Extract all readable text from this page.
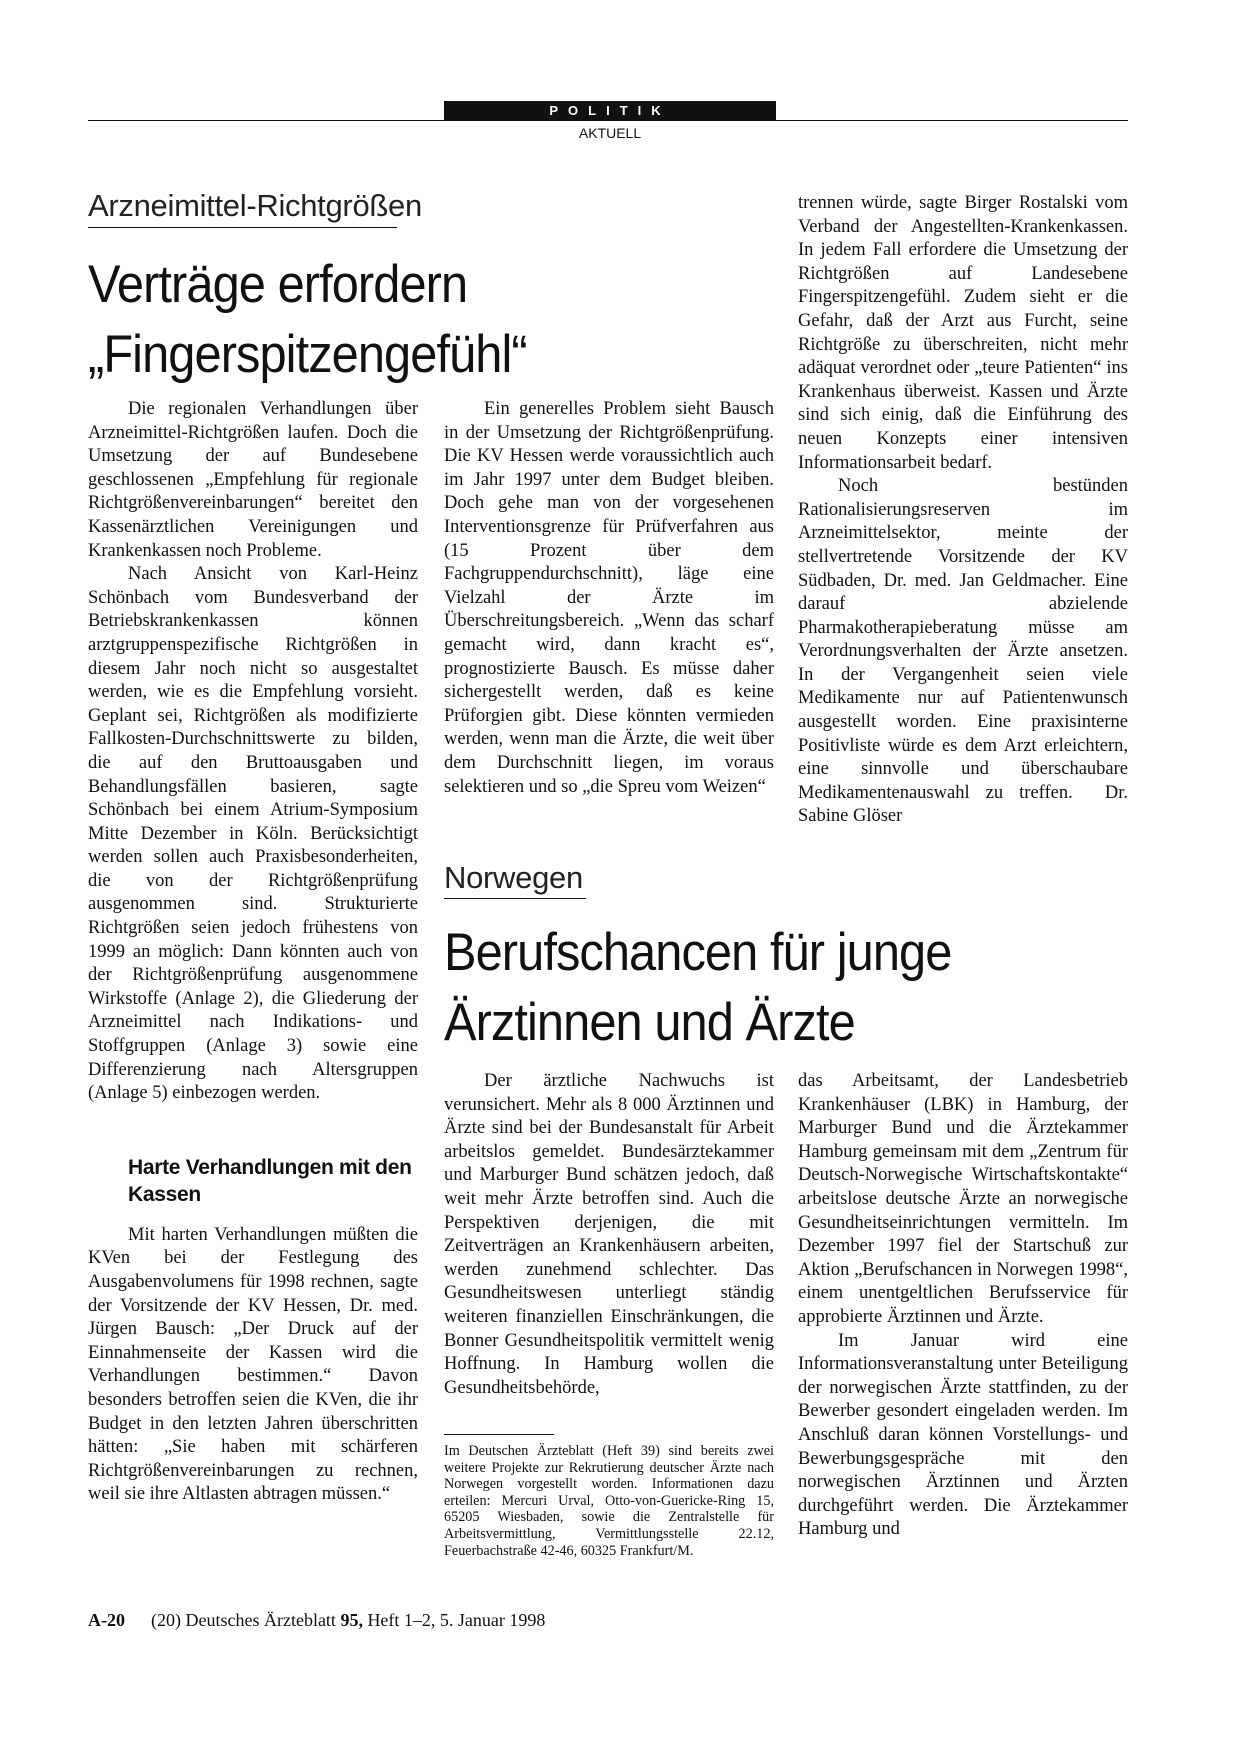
POLITIK
AKTUELL
Arzneimittel-Richtgrößen
Verträge erfordern
„Fingerspitzengefühl“

Die regionalen Verhandlungen über Arzneimittel-Richtgrößen laufen. Doch die Umsetzung der auf Bundesebene geschlossenen „Empfehlung für regionale Richtgrößenvereinbarungen“ bereitet den Kassenärztlichen Vereinigungen und Krankenkassen noch Probleme.

Nach Ansicht von Karl-Heinz Schönbach vom Bundesverband der Betriebskrankenkassen können arztgruppenspezifische Richtgrößen in diesem Jahr noch nicht so ausgestaltet werden, wie es die Empfehlung vorsieht. Geplant sei, Richtgrößen als modifizierte Fallkosten-Durchschnittswerte zu bilden, die auf den Bruttoausgaben und Behandlungsfällen basieren, sagte Schönbach bei einem Atrium-Symposium Mitte Dezember in Köln. Berücksichtigt werden sollen auch Praxisbesonderheiten, die von der Richtgrößenprüfung ausgenommen sind. Strukturierte Richtgrößen seien jedoch frühestens von 1999 an möglich: Dann könnten auch von der Richtgrößenprüfung ausgenommene Wirkstoffe (Anlage 2), die Gliederung der Arzneimittel nach Indikations- und Stoffgruppen (Anlage 3) sowie eine Differenzierung nach Altersgruppen (Anlage 5) einbezogen werden.

Harte Verhandlungen mit den Kassen

Mit harten Verhandlungen müßten die KVen bei der Festlegung des Ausgabenvolumens für 1998 rechnen, sagte der Vorsitzende der KV Hessen, Dr. med. Jürgen Bausch: „Der Druck auf der Einnahmenseite der Kassen wird die Verhandlungen bestimmen.“ Davon besonders betroffen seien die KVen, die ihr Budget in den letzten Jahren überschritten hätten: „Sie haben mit schärferen Richtgrößenvereinbarungen zu rechnen, weil sie ihre Altlasten abtragen müssen.“

Ein generelles Problem sieht Bausch in der Umsetzung der Richtgrößenprüfung. Die KV Hessen werde voraussichtlich auch im Jahr 1997 unter dem Budget bleiben. Doch gehe man von der vorgesehenen Interventionsgrenze für Prüfverfahren aus (15 Prozent über dem Fachgruppendurchschnitt), läge eine Vielzahl der Ärzte im Überschreitungsbereich. „Wenn das scharf gemacht wird, dann kracht es“, prognostizierte Bausch. Es müsse daher sichergestellt werden, daß es keine Prüforgien gibt. Diese könnten vermieden werden, wenn man die Ärzte, die weit über dem Durchschnitt liegen, im voraus selektieren und so „die Spreu vom Weizen“

trennen würde, sagte Birger Rostalski vom Verband der Angestellten-Krankenkassen. In jedem Fall erfordere die Umsetzung der Richtgrößen auf Landesebene Fingerspitzengefühl. Zudem sieht er die Gefahr, daß der Arzt aus Furcht, seine Richtgröße zu überschreiten, nicht mehr adäquat verordnet oder „teure Patienten“ ins Krankenhaus überweist. Kassen und Ärzte sind sich einig, daß die Einführung des neuen Konzepts einer intensiven Informationsarbeit bedarf.

Noch bestünden Rationalisierungsreserven im Arzneimittelsektor, meinte der stellvertretende Vorsitzende der KV Südbaden, Dr. med. Jan Geldmacher. Eine darauf abzielende Pharmakotherapieberatung müsse am Verordnungsverhalten der Ärzte ansetzen. In der Vergangenheit seien viele Medikamente nur auf Patientenwunsch ausgestellt worden. Eine praxisinterne Positivliste würde es dem Arzt erleichtern, eine sinnvolle und überschaubare Medikamentenauswahl zu treffen. Dr. Sabine Glöser

Norwegen
Berufschancen für junge
Ärztinnen und Ärzte

Der ärztliche Nachwuchs ist verunsichert. Mehr als 8 000 Ärztinnen und Ärzte sind bei der Bundesanstalt für Arbeit arbeitslos gemeldet. Bundesärztekammer und Marburger Bund schätzen jedoch, daß weit mehr Ärzte betroffen sind. Auch die Perspektiven derjenigen, die mit Zeitverträgen an Krankenhäusern arbeiten, werden zunehmend schlechter. Das Gesundheitswesen unterliegt ständig weiteren finanziellen Einschränkungen, die Bonner Gesundheitspolitik vermittelt wenig Hoffnung. In Hamburg wollen die Gesundheitsbehörde,

Im Deutschen Ärzteblatt (Heft 39) sind bereits zwei weitere Projekte zur Rekrutierung deutscher Ärzte nach Norwegen vorgestellt worden. Informationen dazu erteilen: Mercuri Urval, Otto-von-Guericke-Ring 15, 65205 Wiesbaden, sowie die Zentralstelle für Arbeitsvermittlung, Vermittlungsstelle 22.12, Feuerbachstraße 42-46, 60325 Frankfurt/M.

das Arbeitsamt, der Landesbetrieb Krankenhäuser (LBK) in Hamburg, der Marburger Bund und die Ärztekammer Hamburg gemeinsam mit dem „Zentrum für Deutsch-Norwegische Wirtschaftskontakte“ arbeitslose deutsche Ärzte an norwegische Gesundheitseinrichtungen vermitteln. Im Dezember 1997 fiel der Startschuß zur Aktion „Berufschancen in Norwegen 1998“, einem unentgeltlichen Berufsservice für approbierte Ärztinnen und Ärzte.

Im Januar wird eine Informationsveranstaltung unter Beteiligung der norwegischen Ärzte stattfinden, zu der Bewerber gesondert eingeladen werden. Im Anschluß daran können Vorstellungs- und Bewerbungsgespräche mit den norwegischen Ärztinnen und Ärzten durchgeführt werden. Die Ärztekammer Hamburg und

A-20 (20) Deutsches Ärzteblatt 95, Heft 1–2, 5. Januar 1998
